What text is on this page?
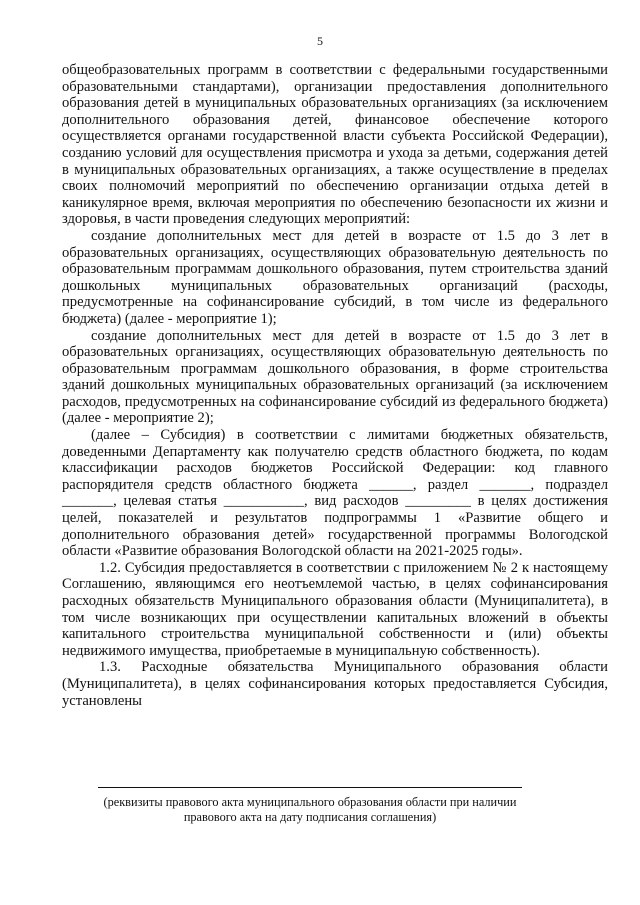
5

общеобразовательных программ в соответствии с федеральными государственными образовательными стандартами), организации предоставления дополнительного образования детей в муниципальных образовательных организациях (за исключением дополнительного образования детей, финансовое обеспечение которого осуществляется органами государственной власти субъекта Российской Федерации), созданию условий для осуществления присмотра и ухода за детьми, содержания детей в муниципальных образовательных организациях, а также осуществление в пределах своих полномочий мероприятий по обеспечению организации отдыха детей в каникулярное время, включая мероприятия по обеспечению безопасности их жизни и здоровья, в части проведения следующих мероприятий:

создание дополнительных мест для детей в возрасте от 1.5 до 3 лет в образовательных организациях, осуществляющих образовательную деятельность по образовательным программам дошкольного образования, путем строительства зданий дошкольных муниципальных образовательных организаций (расходы, предусмотренные на софинансирование субсидий, в том числе из федерального бюджета) (далее - мероприятие 1);

создание дополнительных мест для детей в возрасте от 1.5 до 3 лет в образовательных организациях, осуществляющих образовательную деятельность по образовательным программам дошкольного образования, в форме строительства зданий дошкольных муниципальных образовательных организаций (за исключением расходов, предусмотренных на софинансирование субсидий из федерального бюджета) (далее - мероприятие 2);

(далее – Субсидия) в соответствии с лимитами бюджетных обязательств, доведенными Департаменту как получателю средств областного бюджета, по кодам классификации расходов бюджетов Российской Федерации: код главного распорядителя средств областного бюджета ______, раздел _______, подраздел _______, целевая статья ___________, вид расходов _________ в целях достижения целей, показателей и результатов подпрограммы 1 «Развитие общего и дополнительного образования детей» государственной программы Вологодской области «Развитие образования Вологодской области на 2021-2025 годы».

1.2. Субсидия предоставляется в соответствии с приложением № 2 к настоящему Соглашению, являющимся его неотъемлемой частью, в целях софинансирования расходных обязательств Муниципального образования области (Муниципалитета), в том числе возникающих при осуществлении капитальных вложений в объекты капитального строительства муниципальной собственности и (или) объекты недвижимого имущества, приобретаемые в муниципальную собственность).

1.3. Расходные обязательства Муниципального образования области (Муниципалитета), в целях софинансирования которых предоставляется Субсидия, установлены

(реквизиты правового акта муниципального образования области при наличии правового акта на дату подписания соглашения)
